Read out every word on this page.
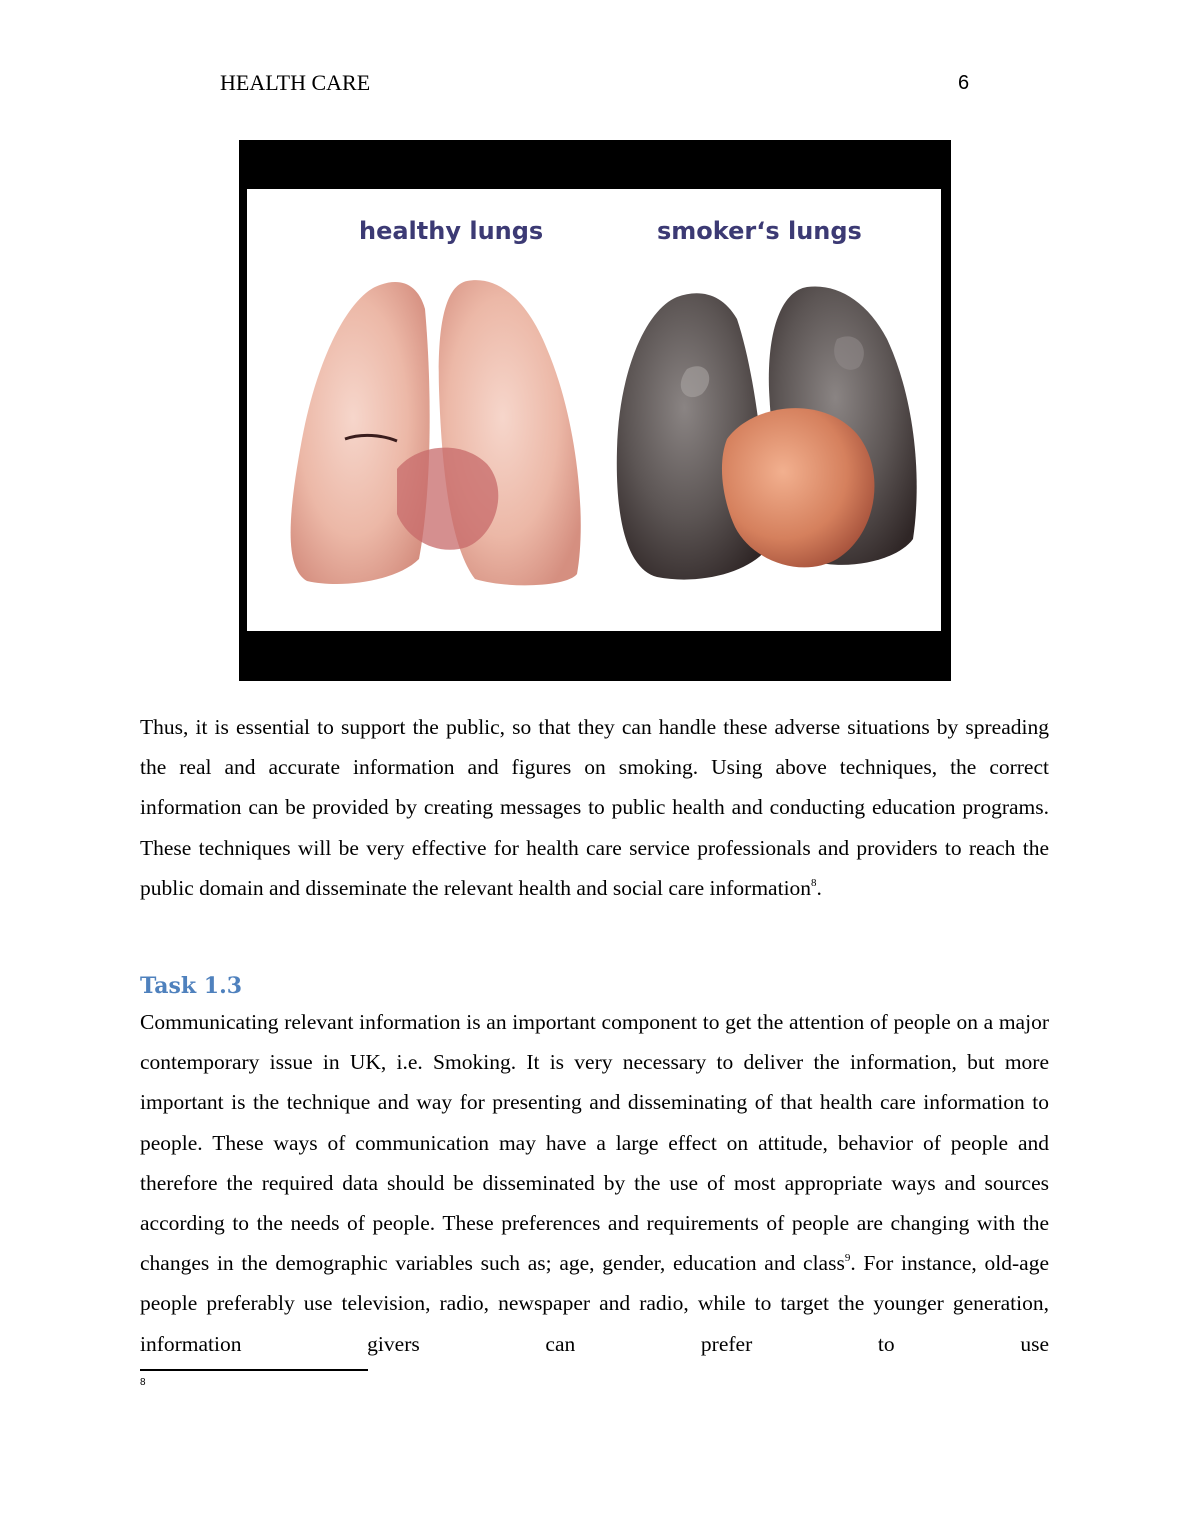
HEALTH CARE	6
healthy lungs	smoker‘s lungs

Thus, it is essential to support the public, so that they can handle these adverse situations by spreading the real and accurate information and figures on smoking. Using above techniques, the correct information can be provided by creating messages to public health and conducting education programs. These techniques will be very effective for health care service professionals and providers to reach the public domain and disseminate the relevant health and social care information$^8$.

Task 1.3

Communicating relevant information is an important component to get the attention of people on a major contemporary issue in UK, i.e. Smoking. It is very necessary to deliver the information, but more important is the technique and way for presenting and disseminating of that health care information to people. These ways of communication may have a large effect on attitude, behavior of people and therefore the required data should be disseminated by the use of most appropriate ways and sources according to the needs of people. These preferences and requirements of people are changing with the changes in the demographic variables such as; age, gender, education and class$^9$. For instance, old-age people preferably use television, radio, newspaper and radio, while to target the younger generation, information givers can prefer to use

8
